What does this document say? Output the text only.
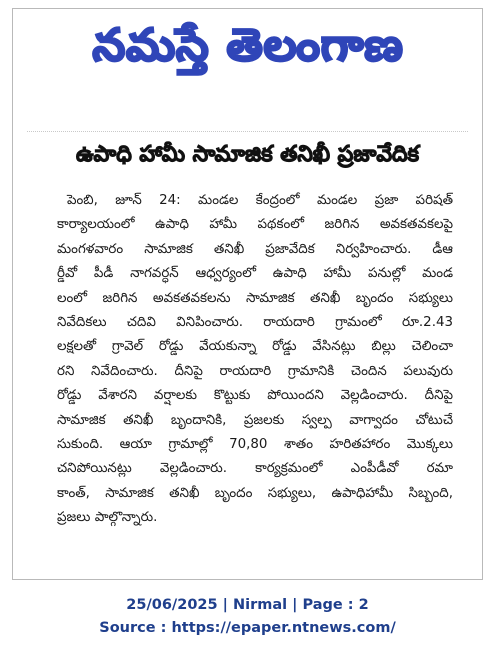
నమస్తే తెలంగాణ
ఉపాధి హామీ సామాజిక తనిఖీ ప్రజావేదిక
పెంబి, జూన్ 24: మండల కేంద్రంలో మండల ప్రజా పరిషత్
కార్యాలయంలో ఉపాధి హామీ పథకంలో జరిగిన అవకతవకలపై
మంగళవారం సామాజిక తనిఖీ ప్రజావేదిక నిర్వహించారు. డీఆ
ర్డీవో పీడీ నాగవర్ధన్ ఆధ్వర్యంలో ఉపాధి హామీ పనుల్లో మండ
లంలో జరిగిన అవకతవకలను సామాజిక తనిఖీ బృందం సభ్యులు
నివేదికలు చదివి వినిపించారు. రాయదారి గ్రామంలో రూ.2.43
లక్షలతో గ్రావెల్ రోడ్డు వేయకున్నా రోడ్డు వేసినట్లు బిల్లు చెలించా
రని నివేదించారు. దీనిపై రాయదారి గ్రామానికి చెందిన పలువురు
రోడ్డు వేశారని వర్షాలకు కొట్టుకు పోయిందని వెల్లడించారు. దీనిపై
సామాజిక తనిఖీ బృందానికి, ప్రజలకు స్వల్ప వాగ్వాదం చోటుచే
సుకుంది. ఆయా గ్రామాల్లో 70,80 శాతం హరితహారం మొక్కలు
చనిపోయినట్లు వెల్లడించారు. కార్యక్రమంలో ఎంపీడీవో రమా
కాంత్, సామాజిక తనిఖీ బృందం సభ్యులు, ఉపాధిహామీ సిబ్బంది,
ప్రజలు పాల్గొన్నారు.
25/06/2025 | Nirmal | Page : 2
Source : https://epaper.ntnews.com/
